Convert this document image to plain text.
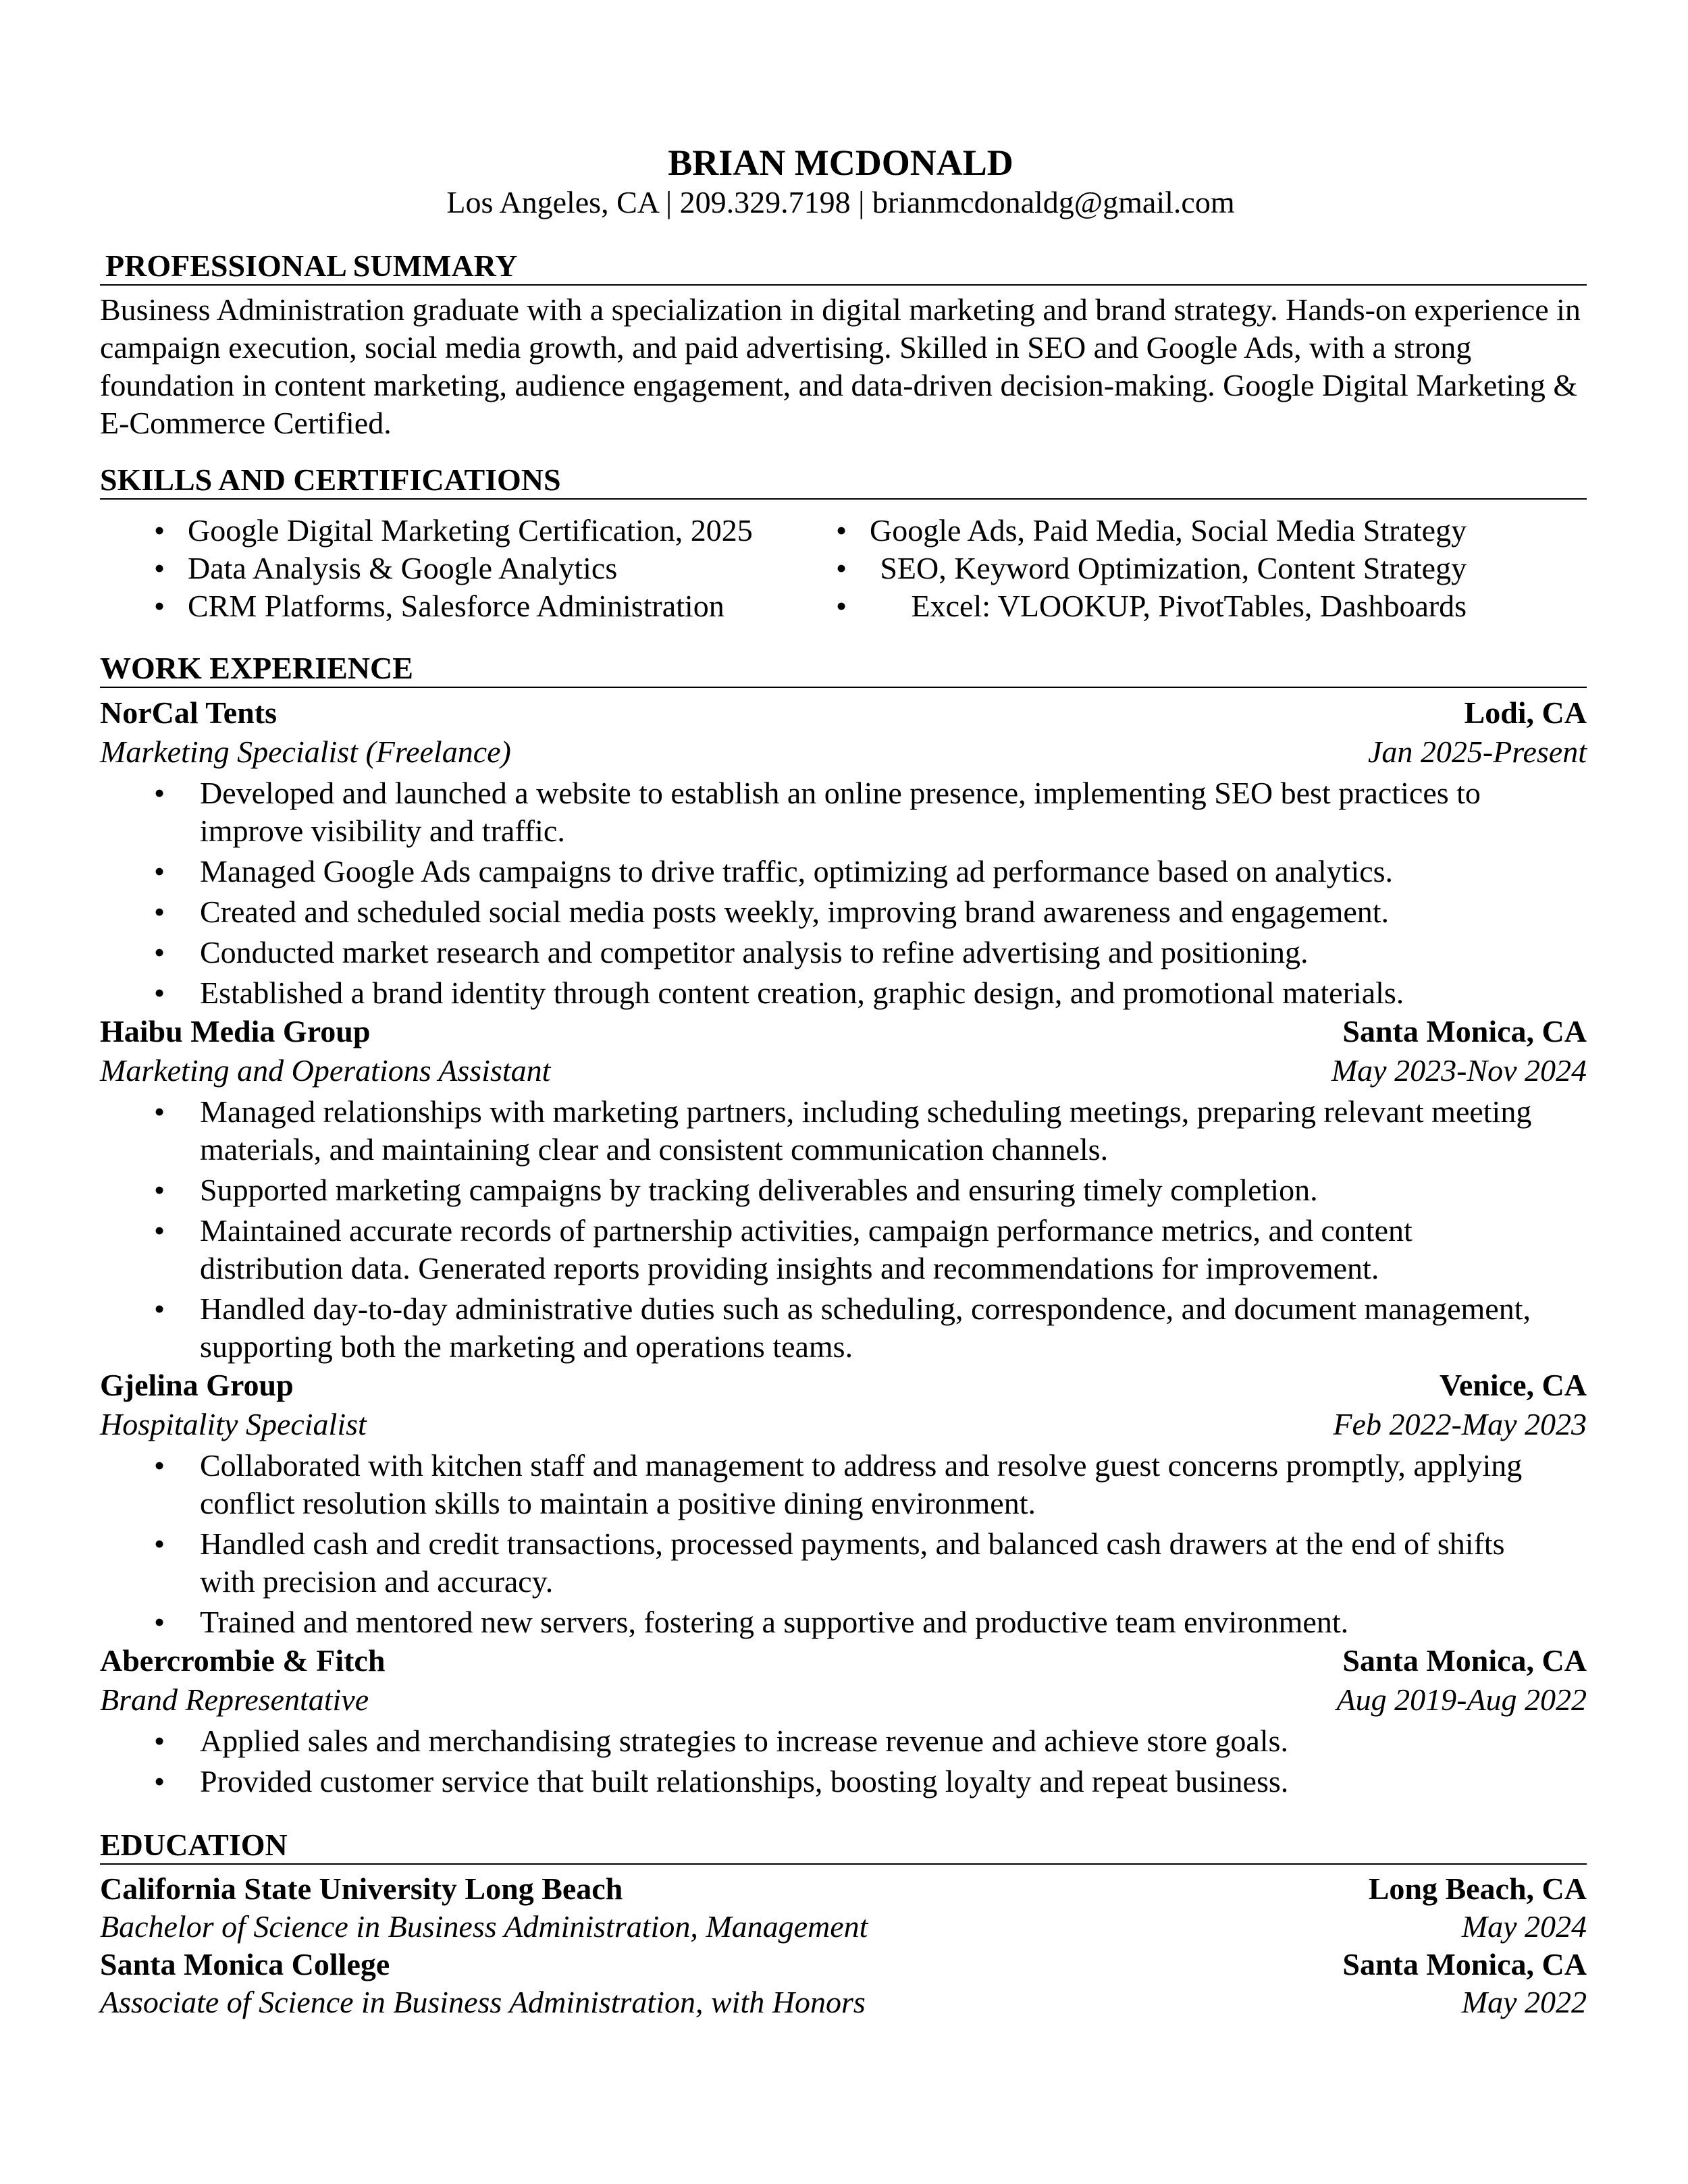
BRIAN MCDONALD
Los Angeles, CA | 209.329.7198 | brianmcdonaldg@gmail.com
PROFESSIONAL SUMMARY

Business Administration graduate with a specialization in digital marketing and brand strategy. Hands-on experience in campaign execution, social media growth, and paid advertising. Skilled in SEO and Google Ads, with a strong foundation in content marketing, audience engagement, and data-driven decision-making. Google Digital Marketing & E-Commerce Certified.

SKILLS AND CERTIFICATIONS
• Google Digital Marketing Certification, 2025
• Data Analysis & Google Analytics
• CRM Platforms, Salesforce Administration
• Google Ads, Paid Media, Social Media Strategy
• SEO, Keyword Optimization, Content Strategy
• Excel: VLOOKUP, PivotTables, Dashboards
WORK EXPERIENCE
NorCal Tents	Lodi, CA
Marketing Specialist (Freelance)	Jan 2025-Present
• Developed and launched a website to establish an online presence, implementing SEO best practices to improve visibility and traffic.
• Managed Google Ads campaigns to drive traffic, optimizing ad performance based on analytics.
• Created and scheduled social media posts weekly, improving brand awareness and engagement.
• Conducted market research and competitor analysis to refine advertising and positioning.
• Established a brand identity through content creation, graphic design, and promotional materials.
Haibu Media Group	Santa Monica, CA
Marketing and Operations Assistant	May 2023-Nov 2024
• Managed relationships with marketing partners, including scheduling meetings, preparing relevant meeting materials, and maintaining clear and consistent communication channels.
• Supported marketing campaigns by tracking deliverables and ensuring timely completion.
• Maintained accurate records of partnership activities, campaign performance metrics, and content distribution data. Generated reports providing insights and recommendations for improvement.
• Handled day-to-day administrative duties such as scheduling, correspondence, and document management, supporting both the marketing and operations teams.
Gjelina Group	Venice, CA
Hospitality Specialist	Feb 2022-May 2023
• Collaborated with kitchen staff and management to address and resolve guest concerns promptly, applying conflict resolution skills to maintain a positive dining environment.
• Handled cash and credit transactions, processed payments, and balanced cash drawers at the end of shifts with precision and accuracy.
• Trained and mentored new servers, fostering a supportive and productive team environment.
Abercrombie & Fitch	Santa Monica, CA
Brand Representative	Aug 2019-Aug 2022
• Applied sales and merchandising strategies to increase revenue and achieve store goals.
• Provided customer service that built relationships, boosting loyalty and repeat business.
EDUCATION
California State University Long Beach	Long Beach, CA
Bachelor of Science in Business Administration, Management	May 2024
Santa Monica College	Santa Monica, CA
Associate of Science in Business Administration, with Honors	May 2022
